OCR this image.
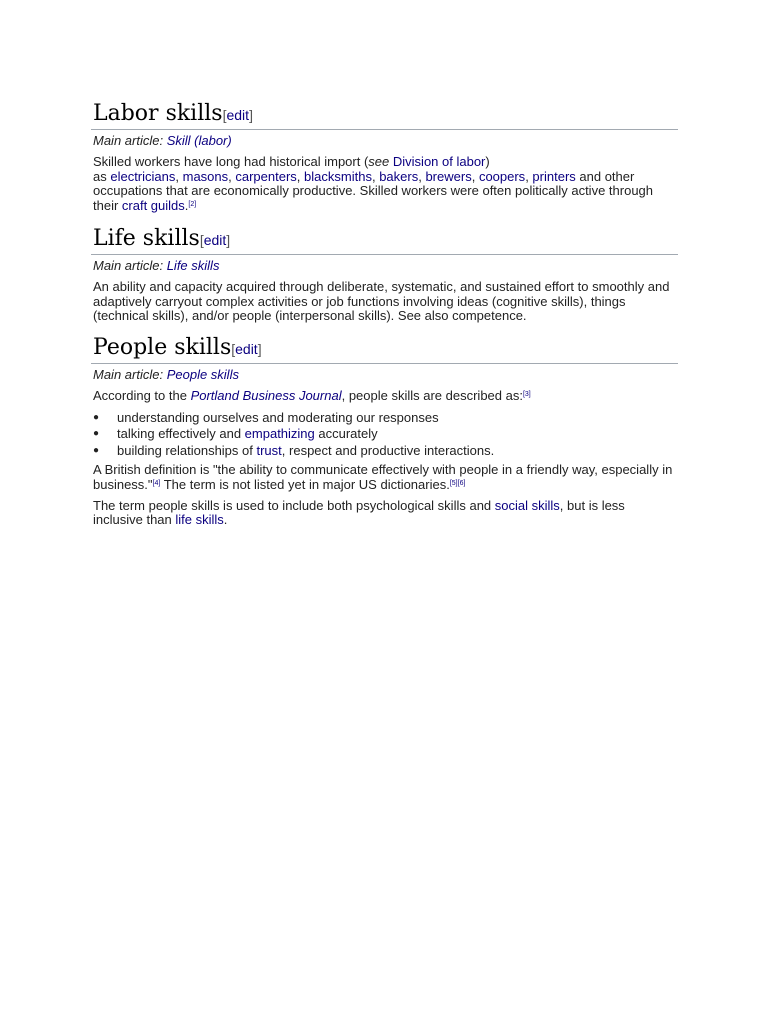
Labor skills[edit]
Main article: Skill (labor)

Skilled workers have long had historical import (see Division of labor)
as electricians, masons, carpenters, blacksmiths, bakers, brewers, coopers, printers and other occupations that are economically productive. Skilled workers were often politically active through their craft guilds.[2]

Life skills[edit]
Main article: Life skills

An ability and capacity acquired through deliberate, systematic, and sustained effort to smoothly and adaptively carryout complex activities or job functions involving ideas (cognitive skills), things (technical skills), and/or people (interpersonal skills). See also competence.

People skills[edit]
Main article: People skills

According to the Portland Business Journal, people skills are described as:[3]

●	understanding ourselves and moderating our responses
●	talking effectively and empathizing accurately
●	building relationships of trust, respect and productive interactions.

A British definition is "the ability to communicate effectively with people in a friendly way, especially in business."[4] The term is not listed yet in major US dictionaries.[5][6]

The term people skills is used to include both psychological skills and social skills, but is less inclusive than life skills.
